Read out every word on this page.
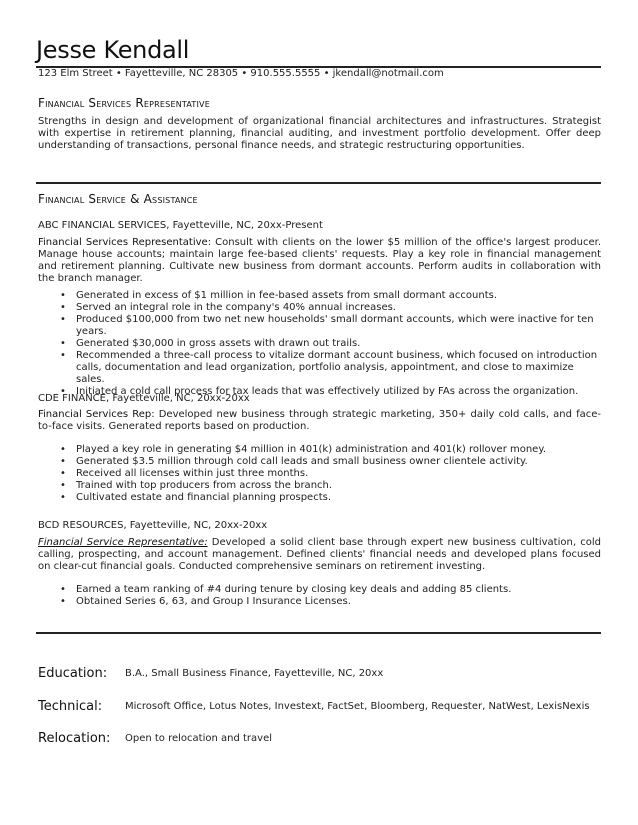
Jesse Kendall
123 Elm Street • Fayetteville, NC 28305 • 910.555.5555 • jkendall@notmail.com
Financial Services Representative
Strengths in design and development of organizational financial architectures and infrastructures. Strategist with expertise in retirement planning, financial auditing, and investment portfolio development. Offer deep understanding of transactions, personal finance needs, and strategic restructuring opportunities.
Financial Service & Assistance
ABC FINANCIAL SERVICES, Fayetteville, NC, 20xx-Present
Financial Services Representative: Consult with clients on the lower $5 million of the office's largest producer. Manage house accounts; maintain large fee-based clients' requests. Play a key role in financial management and retirement planning. Cultivate new business from dormant accounts. Perform audits in collaboration with the branch manager.
• Generated in excess of $1 million in fee-based assets from small dormant accounts.
• Served an integral role in the company's 40% annual increases.
• Produced $100,000 from two net new households' small dormant accounts, which were inactive for ten years.
• Generated $30,000 in gross assets with drawn out trails.
• Recommended a three-call process to vitalize dormant account business, which focused on introduction calls, documentation and lead organization, portfolio analysis, appointment, and close to maximize sales.
• Initiated a cold call process for tax leads that was effectively utilized by FAs across the organization.
CDE FINANCE, Fayetteville, NC, 20xx-20xx
Financial Services Rep: Developed new business through strategic marketing, 350+ daily cold calls, and face-to-face visits. Generated reports based on production.
• Played a key role in generating $4 million in 401(k) administration and 401(k) rollover money.
• Generated $3.5 million through cold call leads and small business owner clientele activity.
• Received all licenses within just three months.
• Trained with top producers from across the branch.
• Cultivated estate and financial planning prospects.
BCD RESOURCES, Fayetteville, NC, 20xx-20xx
Financial Service Representative: Developed a solid client base through expert new business cultivation, cold calling, prospecting, and account management. Defined clients' financial needs and developed plans focused on clear-cut financial goals. Conducted comprehensive seminars on retirement investing.
• Earned a team ranking of #4 during tenure by closing key deals and adding 85 clients.
• Obtained Series 6, 63, and Group I Insurance Licenses.
Education: B.A., Small Business Finance, Fayetteville, NC, 20xx
Technical: Microsoft Office, Lotus Notes, Investext, FactSet, Bloomberg, Requester, NatWest, LexisNexis
Relocation: Open to relocation and travel
